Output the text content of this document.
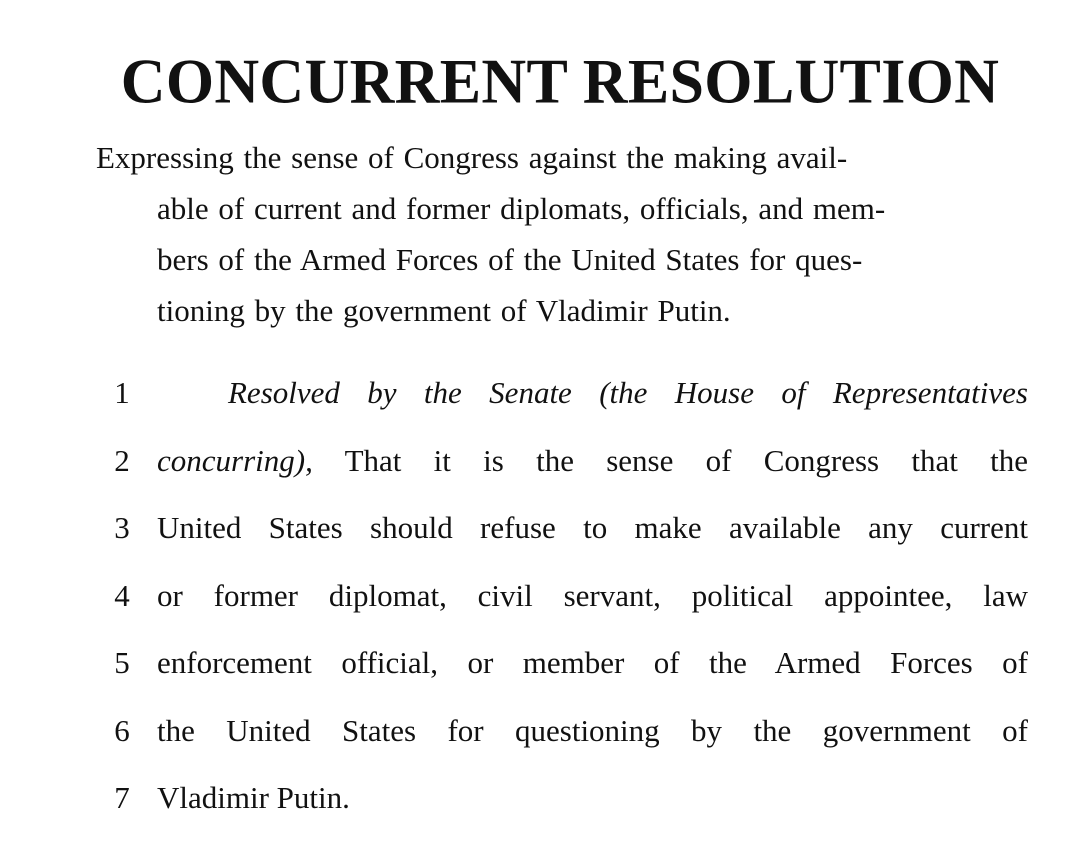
CONCURRENT RESOLUTION
Expressing the sense of Congress against the making avail-
able of current and former diplomats, officials, and mem-
bers of the Armed Forces of the United States for ques-
tioning by the government of Vladimir Putin.
1	Resolved by the Senate (the House of Representatives
2 concurring), That it is the sense of Congress that the
3 United States should refuse to make available any current
4 or former diplomat, civil servant, political appointee, law
5 enforcement official, or member of the Armed Forces of
6 the United States for questioning by the government of
7 Vladimir Putin.
